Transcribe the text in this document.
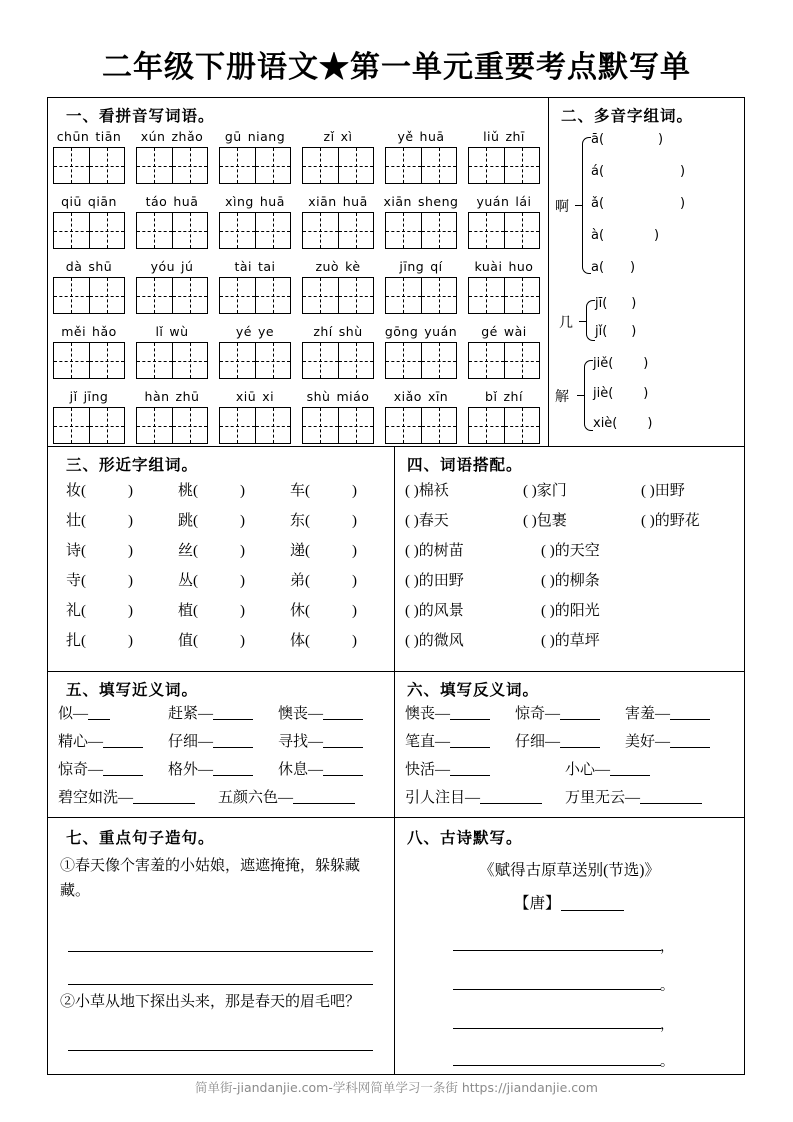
二年级下册语文★第一单元重要考点默写单
一、看拼音写词语。
chūn tiān	xún zhǎo	gū niang	zǐ xì	yě huā	liǔ zhī
qiū qiān	táo huā	xìng huā	xiān huā	xiān sheng	yuán lái
dà shū	yóu jú	tài tai	zuò kè	jīng qí	kuài huo
měi hǎo	lǐ wù	yé ye	zhí shù	gōng yuán	gé wài
jǐ jīng	hàn zhū	xiū xi	shù miáo	xiǎo xīn	bǐ zhí
二、多音字组词。
啊
ā(	)
á(	)
ǎ(	)
à(	)
a( )
几
jī( )
jǐ( )
解
jiě( )
jiè( )
xiè( )
三、形近字组词。
妆(	)	桃(	)	车(	)
壮(	)	跳(	)	东(	)
诗(	)	丝(	)	递(	)
寺(	)	丛(	)	弟(	)
礼(	)	植(	)	休(	)
扎(	)	值(	)	体(	)
四、词语搭配。
( )棉袄	( )家门	( )田野
( )春天	( )包裹	( )的野花
( )的树苗	( )的天空
( )的田野	( )的柳条
( )的风景	( )的阳光
( )的微风	( )的草坪
五、填写近义词。
似—	赶紧—	懊丧—
精心—	仔细—	寻找—
惊奇—	格外—	休息—
碧空如洗—	五颜六色—
六、填写反义词。
懊丧—	惊奇—	害羞—
笔直—	仔细—	美好—
快活—	小心—
引人注目—	万里无云—
七、重点句子造句。
①春天像个害羞的小姑娘，遮遮掩掩，躲躲藏藏。
②小草从地下探出头来，那是春天的眉毛吧？
八、古诗默写。
《赋得古原草送别(节选)》
【唐】
，
。
，
。
简单街-jiandanjie.com-学科网简单学习一条街 https://jiandanjie.com
